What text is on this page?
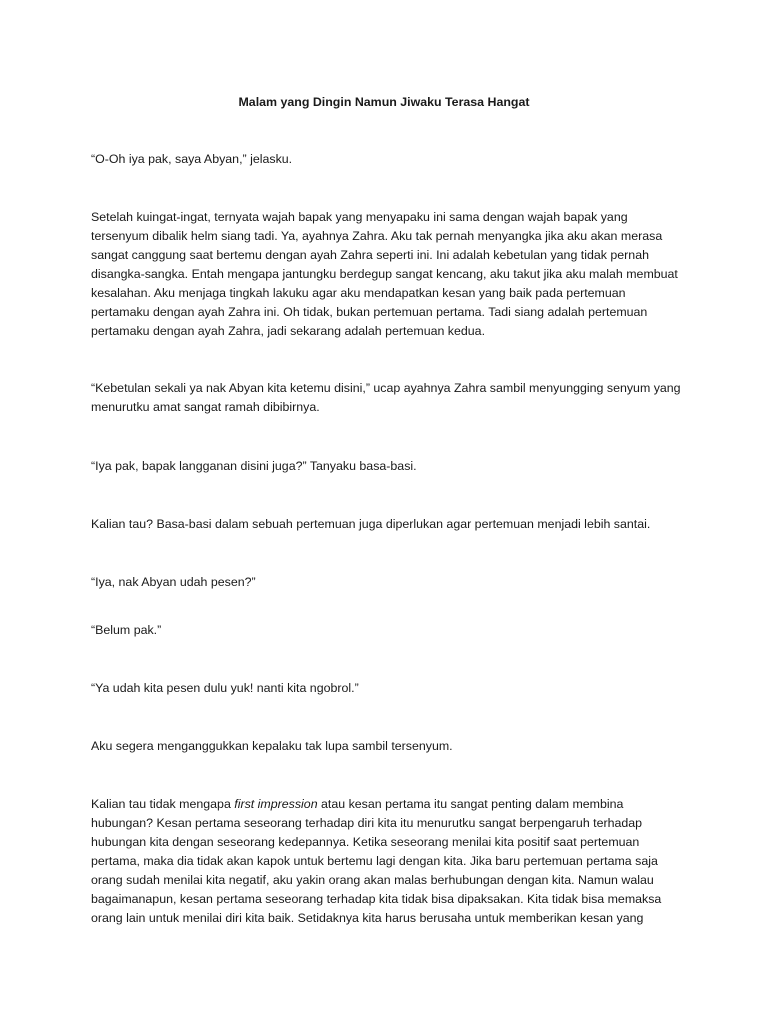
Malam yang Dingin Namun Jiwaku Terasa Hangat

“O-Oh iya pak, saya Abyan,” jelasku.

Setelah kuingat-ingat, ternyata wajah bapak yang menyapaku ini sama dengan wajah bapak yang tersenyum dibalik helm siang tadi. Ya, ayahnya Zahra. Aku tak pernah menyangka jika aku akan merasa sangat canggung saat bertemu dengan ayah Zahra seperti ini. Ini adalah kebetulan yang tidak pernah disangka-sangka. Entah mengapa jantungku berdegup sangat kencang, aku takut jika aku malah membuat kesalahan. Aku menjaga tingkah lakuku agar aku mendapatkan kesan yang baik pada pertemuan pertamaku dengan ayah Zahra ini. Oh tidak, bukan pertemuan pertama. Tadi siang adalah pertemuan pertamaku dengan ayah Zahra, jadi sekarang adalah pertemuan kedua.

“Kebetulan sekali ya nak Abyan kita ketemu disini,” ucap ayahnya Zahra sambil menyungging senyum yang menurutku amat sangat ramah dibibirnya.

“Iya pak, bapak langganan disini juga?” Tanyaku basa-basi.

Kalian tau? Basa-basi dalam sebuah pertemuan juga diperlukan agar pertemuan menjadi lebih santai.

“Iya, nak Abyan udah pesen?”

“Belum pak.”

“Ya udah kita pesen dulu yuk! nanti kita ngobrol.”

Aku segera menganggukkan kepalaku tak lupa sambil tersenyum.

Kalian tau tidak mengapa first impression atau kesan pertama itu sangat penting dalam membina hubungan? Kesan pertama seseorang terhadap diri kita itu menurutku sangat berpengaruh terhadap hubungan kita dengan seseorang kedepannya. Ketika seseorang menilai kita positif saat pertemuan pertama, maka dia tidak akan kapok untuk bertemu lagi dengan kita. Jika baru pertemuan pertama saja orang sudah menilai kita negatif, aku yakin orang akan malas berhubungan dengan kita. Namun walau bagaimanapun, kesan pertama seseorang terhadap kita tidak bisa dipaksakan. Kita tidak bisa memaksa orang lain untuk menilai diri kita baik. Setidaknya kita harus berusaha untuk memberikan kesan yang
